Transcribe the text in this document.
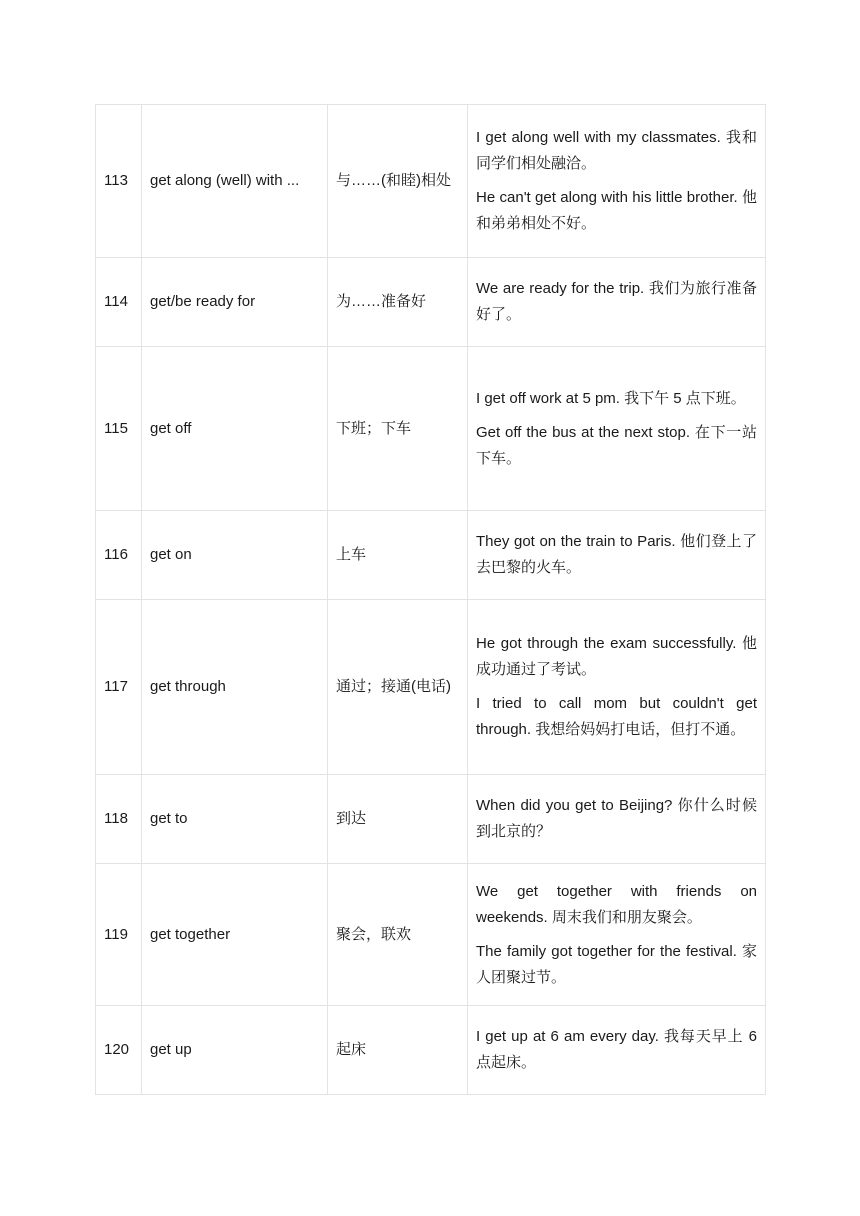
113	get along (well) with ...	与……(和睦)相处	I get along well with my classmates. 我和同学们相处融洽。

He can't get along with his little brother. 他和弟弟相处不好。

114	get/be ready for	为……准备好	We are ready for the trip. 我们为旅行准备好了。

115	get off	下班；下车	I get off work at 5 pm. 我下午 5 点下班。

Get off the bus at the next stop. 在下一站下车。

116	get on	上车	They got on the train to Paris. 他们登上了去巴黎的火车。

117	get through	通过；接通(电话)	He got through the exam successfully. 他成功通过了考试。

I tried to call mom but couldn't get through. 我想给妈妈打电话，但打不通。

118	get to	到达	When did you get to Beijing? 你什么时候到北京的？

119	get together	聚会，联欢	We get together with friends on weekends. 周末我们和朋友聚会。

The family got together for the festival. 家人团聚过节。

120	get up	起床	I get up at 6 am every day. 我每天早上 6 点起床。
